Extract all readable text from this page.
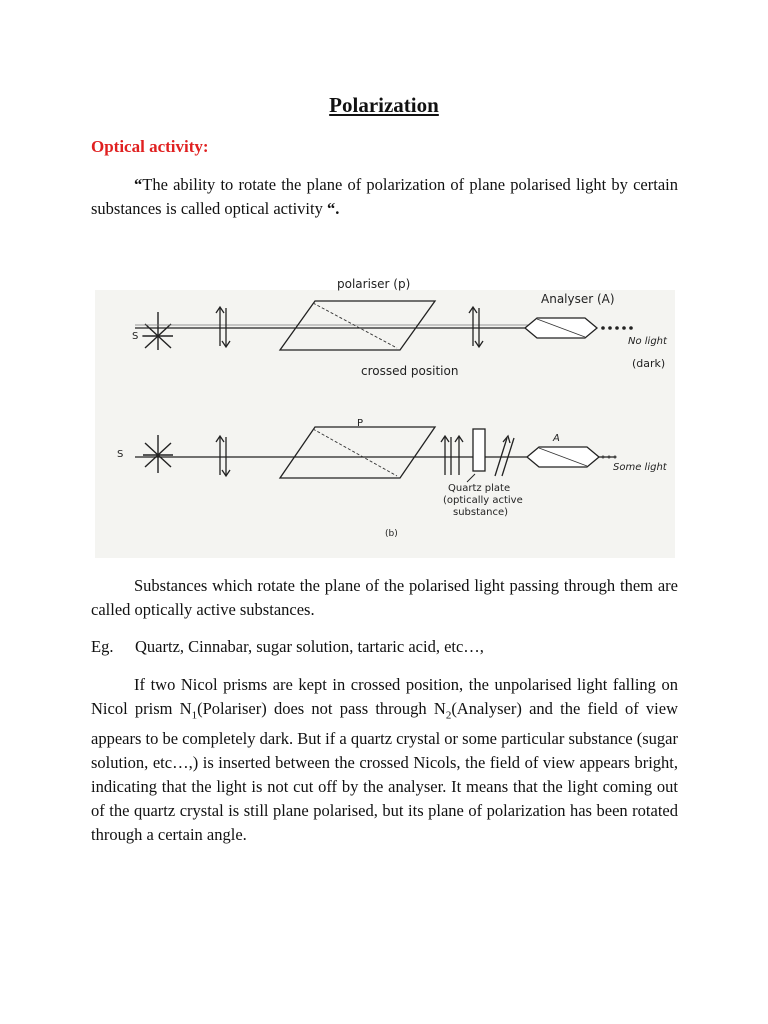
Polarization
Optical activity:
“The ability to rotate the plane of polarization of plane polarised light by certain substances is called optical activity “.
S
polariser (p)
Analyser (A)
No light
(dark)
crossed position
S
P
A
Some light
Quartz plate
(optically active
substance)
(b)
Substances which rotate the plane of the polarised light passing through them are called optically active substances.
Eg. Quartz, Cinnabar, sugar solution, tartaric acid, etc…,
If two Nicol prisms are kept in crossed position, the unpolarised light falling on Nicol prism $N_1(Polariser)$ does not pass through $N_2(Analyser)$ and the field of view appears to be completely dark. But if a quartz crystal or some particular substance (sugar solution, etc…,) is inserted between the crossed Nicols, the field of view appears bright, indicating that the light is not cut off by the analyser. It means that the light coming out of the quartz crystal is still plane polarised, but its plane of polarization has been rotated through a certain angle.
